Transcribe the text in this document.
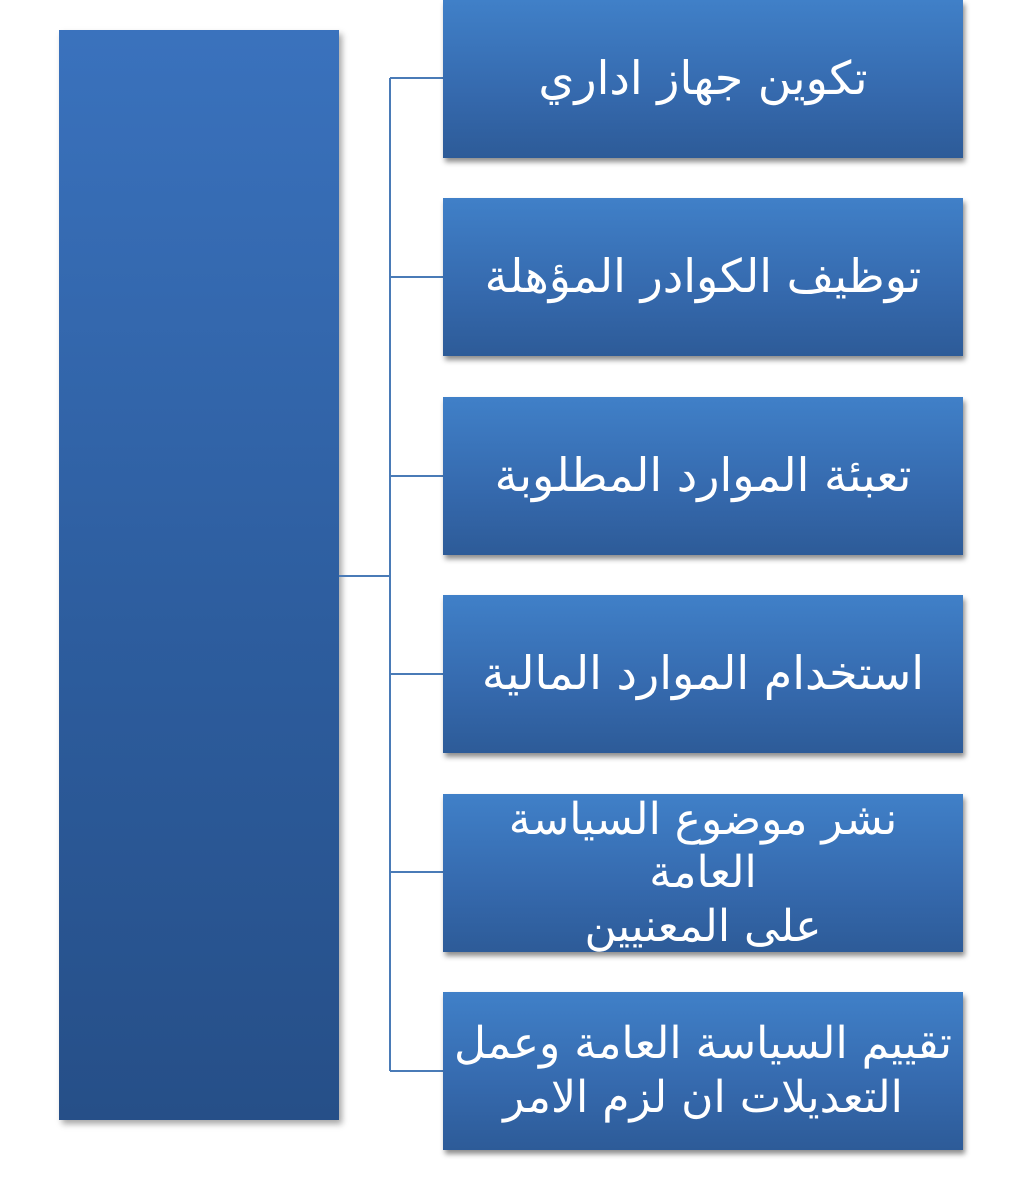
تكوين جهاز اداري
توظيف الكوادر المؤهلة
تعبئة الموارد المطلوبة
استخدام الموارد المالية
نشر موضوع السياسة العامة
على المعنيين
تقييم السياسة العامة وعمل
التعديلات ان لزم الامر
